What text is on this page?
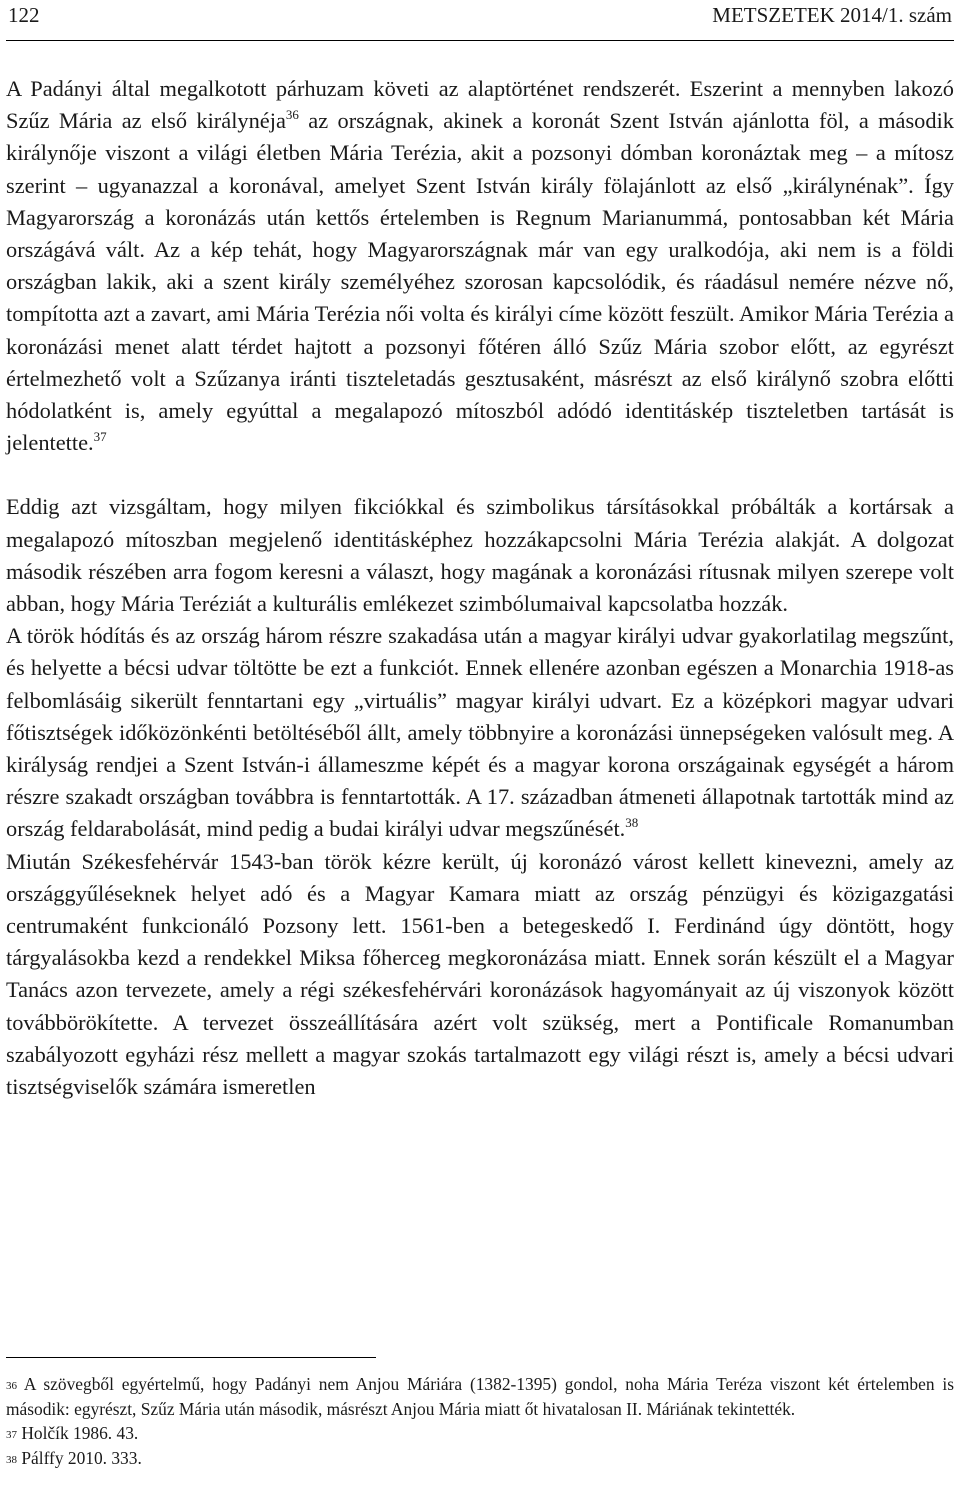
122	METSZETEK 2014/1. szám

A Padányi által megalkotott párhuzam követi az alaptörténet rendszerét. Eszerint a mennyben lakozó Szűz Mária az első királynéja$^{36}$ az országnak, akinek a koronát Szent István ajánlotta föl, a második királynője viszont a világi életben Mária Terézia, akit a pozsonyi dómban koronáztak meg – a mítosz szerint – ugyanazzal a koronával, amelyet Szent István király fölajánlott az első „királynénak”. Így Magyarország a koronázás után kettős értelemben is Regnum Marianummá, pontosabban két Mária országává vált. Az a kép tehát, hogy Magyarországnak már van egy uralkodója, aki nem is a földi országban lakik, aki a szent király személyéhez szorosan kapcsolódik, és ráadásul nemére nézve nő, tompította azt a zavart, ami Mária Terézia női volta és királyi címe között feszült. Amikor Mária Terézia a koronázási menet alatt térdet hajtott a pozsonyi főtéren álló Szűz Mária szobor előtt, az egyrészt értelmezhető volt a Szűzanya iránti tiszteletadás gesztusaként, másrészt az első királynő szobra előtti hódolatként is, amely egyúttal a megalapozó mítoszból adódó identitáskép tiszteletben tartását is jelentette.$^{37}$

Eddig azt vizsgáltam, hogy milyen fikciókkal és szimbolikus társításokkal próbálták a kortársak a megalapozó mítoszban megjelenő identitásképhez hozzákapcsolni Mária Terézia alakját. A dolgozat második részében arra fogom keresni a választ, hogy magának a koronázási rítusnak milyen szerepe volt abban, hogy Mária Teréziát a kulturális emlékezet szimbólumaival kapcsolatba hozzák.

A török hódítás és az ország három részre szakadása után a magyar királyi udvar gyakorlatilag megszűnt, és helyette a bécsi udvar töltötte be ezt a funkciót. Ennek ellenére azonban egészen a Monarchia 1918-as felbomlásáig sikerült fenntartani egy „virtuális” magyar királyi udvart. Ez a középkori magyar udvari főtisztségek időközönkénti betöltéséből állt, amely többnyire a koronázási ünnepségeken valósult meg. A királyság rendjei a Szent István-i állameszme képét és a magyar korona országainak egységét a három részre szakadt országban továbbra is fenntartották. A 17. században átmeneti állapotnak tartották mind az ország feldarabolását, mind pedig a budai királyi udvar megszűnését.$^{38}$

Miután Székesfehérvár 1543-ban török kézre került, új koronázó várost kellett kinevezni, amely az országgyűléseknek helyet adó és a Magyar Kamara miatt az ország pénzügyi és közigazgatási centrumaként funkcionáló Pozsony lett. 1561-ben a betegeskedő I. Ferdinánd úgy döntött, hogy tárgyalásokba kezd a rendekkel Miksa főherceg megkoronázása miatt. Ennek során készült el a Magyar Tanács azon tervezete, amely a régi székesfehérvári koronázások hagyományait az új viszonyok között továbbörökítette. A tervezet összeállítására azért volt szükség, mert a Pontificale Romanumban szabályozott egyházi rész mellett a magyar szokás tartalmazott egy világi részt is, amely a bécsi udvari tisztségviselők számára ismeretlen

$^{36}$ A szövegből egyértelmű, hogy Padányi nem Anjou Máriára (1382-1395) gondol, noha Mária Teréza viszont két értelemben is második: egyrészt, Szűz Mária után második, másrészt Anjou Mária miatt őt hivatalosan II. Máriának tekintették.

$^{37}$ Holčík 1986. 43.

$^{38}$ Pálffy 2010. 333.
